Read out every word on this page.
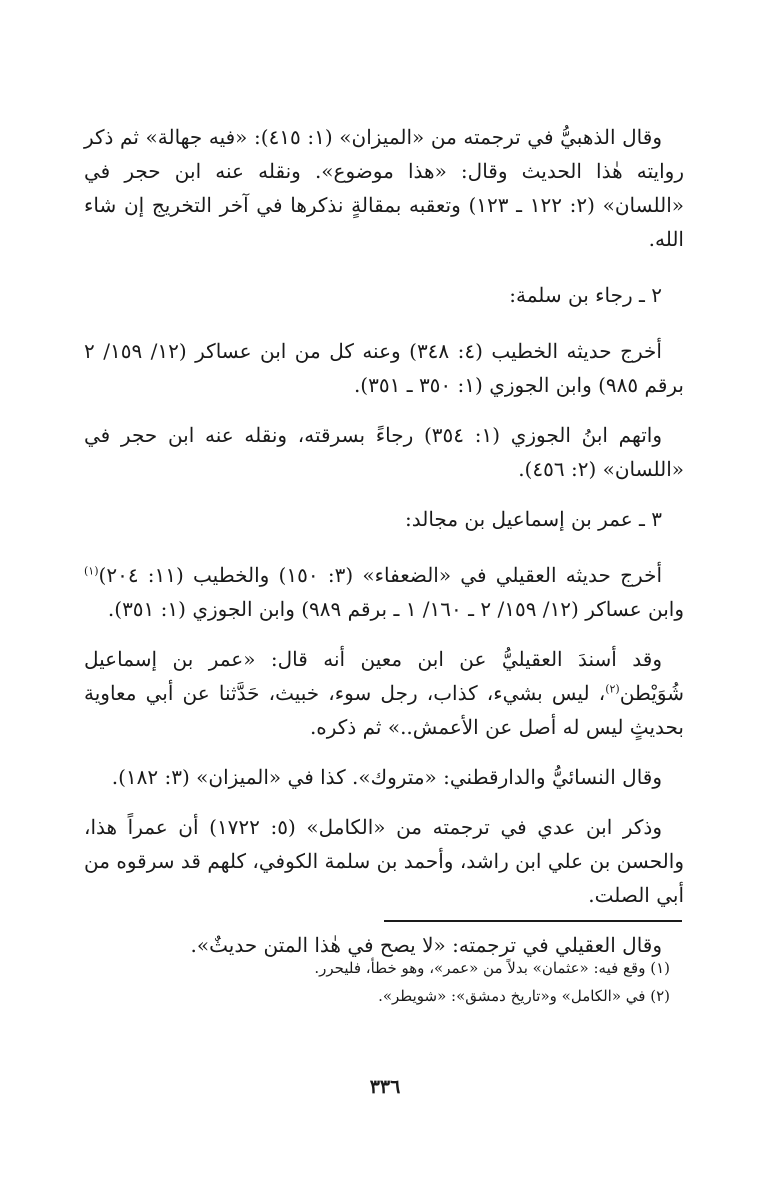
وقال الذهبيُّ في ترجمته من «الميزان» (١: ٤١٥): «فيه جهالة» ثم ذكر روايته هٰذا الحديث وقال: «هذا موضوع». ونقله عنه ابن حجر في «اللسان» (٢: ١٢٢ ـ ١٢٣) وتعقبه بمقالةٍ نذكرها في آخر التخريج إن شاء الله.

٢ ـ رجاء بن سلمة:

أخرج حديثه الخطيب (٤: ٣٤٨) وعنه كل من ابن عساكر (١٢/ ١٥٩/ ٢ برقم ٩٨٥) وابن الجوزي (١: ٣٥٠ ـ ٣٥١).

واتهم ابنُ الجوزي (١: ٣٥٤) رجاءً بسرقته، ونقله عنه ابن حجر في «اللسان» (٢: ٤٥٦).

٣ ـ عمر بن إسماعيل بن مجالد:

أخرج حديثه العقيلي في «الضعفاء» (٣: ١٥٠) والخطيب (١١: ٢٠٤)$^{(١)}$ وابن عساكر (١٢/ ١٥٩/ ٢ ـ ١٦٠/ ١ ـ برقم ٩٨٩) وابن الجوزي (١: ٣٥١).

وقد أسندَ العقيليُّ عن ابن معين أنه قال: «عمر بن إسماعيل شُوَيْطن$^{(٢)}$، ليس بشيء، كذاب، رجل سوء، خبيث، حَدَّثنا عن أبي معاوية بحديثٍ ليس له أصل عن الأعمش..» ثم ذكره.

وقال النسائيُّ والدارقطني: «متروك». كذا في «الميزان» (٣: ١٨٢).

وذكر ابن عدي في ترجمته من «الكامل» (٥: ١٧٢٢) أن عمراً هذا، والحسن بن علي ابن راشد، وأحمد بن سلمة الكوفي، كلهم قد سرقوه من أبي الصلت.

وقال العقيلي في ترجمته: «لا يصح في هٰذا المتن حديثٌ».

(١) وقع فيه: «عثمان» بدلاً من «عمر»، وهو خطأ، فليحرر.

(٢) في «الكامل» و«تاريخ دمشق»: «شويطر».

٣٣٦
